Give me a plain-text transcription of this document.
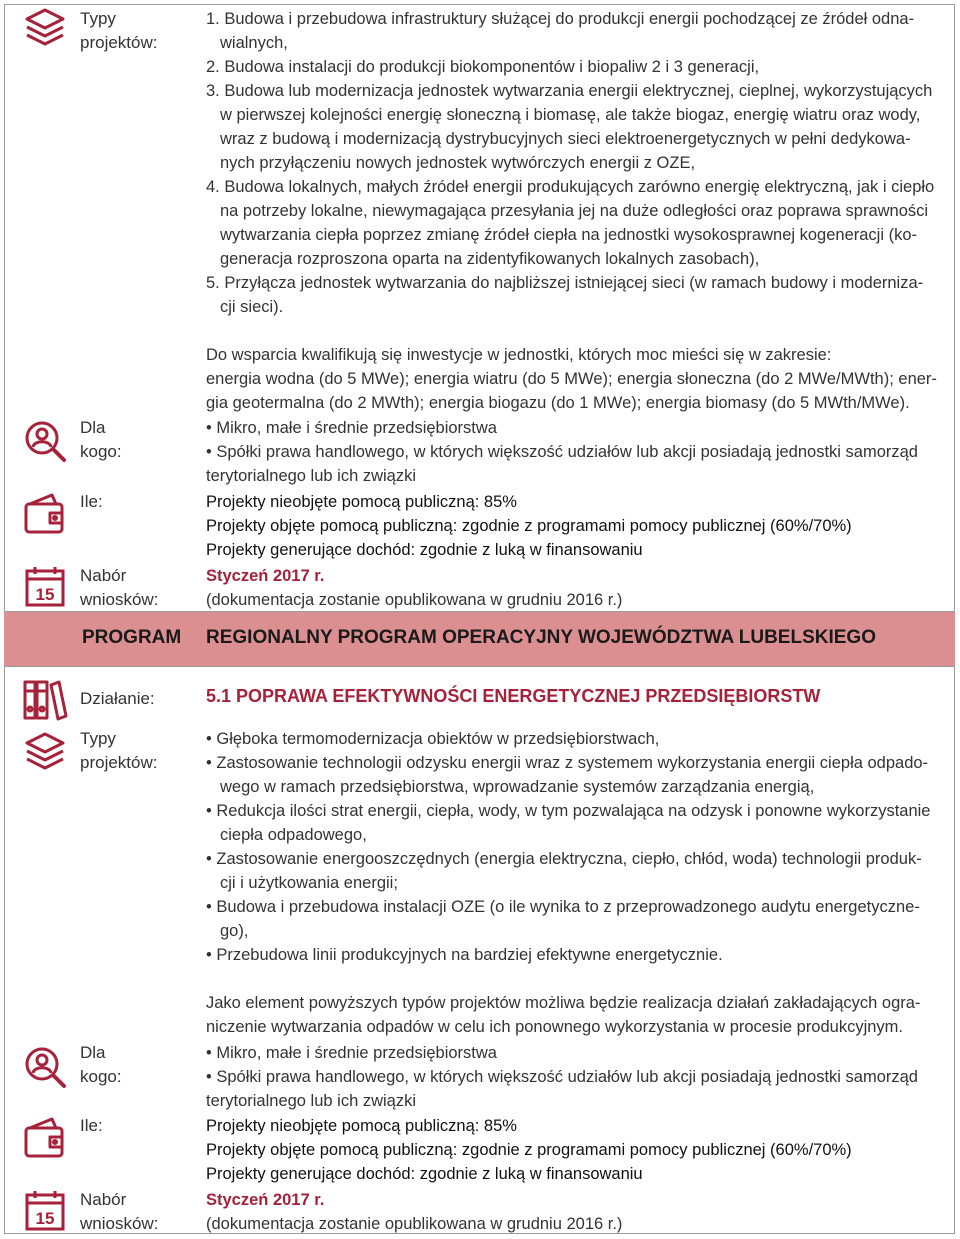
Typy
projektów:
1. Budowa i przebudowa infrastruktury służącej do produkcji energii pochodzącej ze źródeł odna-
wialnych,
2. Budowa instalacji do produkcji biokomponentów i biopaliw 2 i 3 generacji,
3. Budowa lub modernizacja jednostek wytwarzania energii elektrycznej, cieplnej, wykorzystujących
w pierwszej kolejności energię słoneczną i biomasę, ale także biogaz, energię wiatru oraz wody,
wraz z budową i modernizacją dystrybucyjnych sieci elektroenergetycznych w pełni dedykowa-
nych przyłączeniu nowych jednostek wytwórczych energii z OZE,
4. Budowa lokalnych, małych źródeł energii produkujących zarówno energię elektryczną, jak i ciepło
na potrzeby lokalne, niewymagająca przesyłania jej na duże odległości oraz poprawa sprawności
wytwarzania ciepła poprzez zmianę źródeł ciepła na jednostki wysokosprawnej kogeneracji (ko-
generacja rozproszona oparta na zidentyfikowanych lokalnych zasobach),
5. Przyłącza jednostek wytwarzania do najbliższej istniejącej sieci (w ramach budowy i moderniza-
cji sieci).
Do wsparcia kwalifikują się inwestycje w jednostki, których moc mieści się w zakresie:
energia wodna (do 5 MWe); energia wiatru (do 5 MWe); energia słoneczna (do 2 MWe/MWth); ener-
gia geotermalna (do 2 MWth); energia biogazu (do 1 MWe); energia biomasy (do 5 MWth/MWe).
Dla
kogo:
• Mikro, małe i średnie przedsiębiorstwa
• Spółki prawa handlowego, w których większość udziałów lub akcji posiadają jednostki samorząd
terytorialnego lub ich związki
Ile:	Projekty nieobjęte pomocą publiczną: 85%
Projekty objęte pomocą publiczną: zgodnie z programami pomocy publicznej (60%/70%)
Projekty generujące dochód: zgodnie z luką w finansowaniu
15
Nabór
wniosków:
Styczeń 2017 r.
(dokumentacja zostanie opublikowana w grudniu 2016 r.)
PROGRAM REGIONALNY PROGRAM OPERACYJNY WOJEWÓDZTWA LUBELSKIEGO
Działanie:	5.1 POPRAWA EFEKTYWNOŚCI ENERGETYCZNEJ PRZEDSIĘBIORSTW
Typy
projektów:
• Głęboka termomodernizacja obiektów w przedsiębiorstwach,
• Zastosowanie technologii odzysku energii wraz z systemem wykorzystania energii ciepła odpado-
wego w ramach przedsiębiorstwa, wprowadzanie systemów zarządzania energią,
• Redukcja ilości strat energii, ciepła, wody, w tym pozwalająca na odzysk i ponowne wykorzystanie
ciepła odpadowego,
• Zastosowanie energooszczędnych (energia elektryczna, ciepło, chłód, woda) technologii produk-
cji i użytkowania energii;
• Budowa i przebudowa instalacji OZE (o ile wynika to z przeprowadzonego audytu energetyczne-
go),
• Przebudowa linii produkcyjnych na bardziej efektywne energetycznie.
Jako element powyższych typów projektów możliwa będzie realizacja działań zakładających ogra-
niczenie wytwarzania odpadów w celu ich ponownego wykorzystania w procesie produkcyjnym.
Dla
kogo:
• Mikro, małe i średnie przedsiębiorstwa
• Spółki prawa handlowego, w których większość udziałów lub akcji posiadają jednostki samorząd
terytorialnego lub ich związki
Ile:	Projekty nieobjęte pomocą publiczną: 85%
Projekty objęte pomocą publiczną: zgodnie z programami pomocy publicznej (60%/70%)
Projekty generujące dochód: zgodnie z luką w finansowaniu
15
Nabór
wniosków:
Styczeń 2017 r.
(dokumentacja zostanie opublikowana w grudniu 2016 r.)
